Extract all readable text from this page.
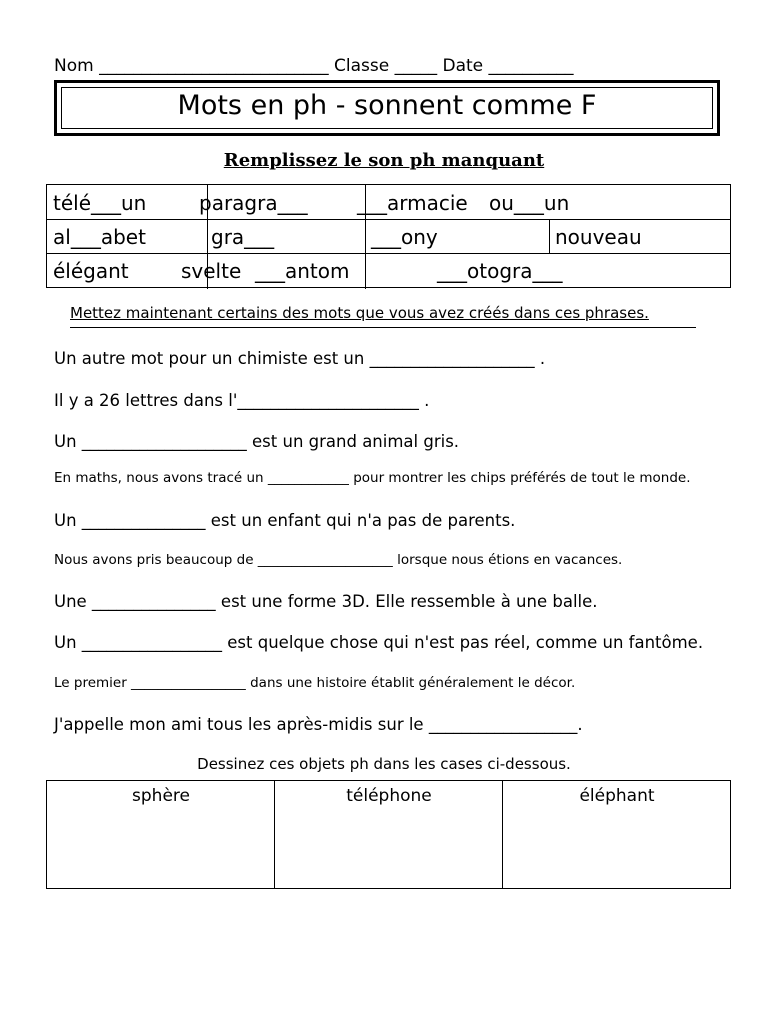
Nom ___________________________ Classe _____ Date __________
Mots en ph - sonnent comme F
Remplissez le son ph manquant
télé___un	paragra___ ___armacie ou___un
al___abet	gra___	___ony	nouveau
élégant	svelte ___antom	___otogra___
Mettez maintenant certains des mots que vous avez créés dans ces phrases.
Un autre mot pour un chimiste est un ____________________ .
Il y a 26 lettres dans l'______________________ .
Un ____________________ est un grand animal gris.
En maths, nous avons tracé un ____________ pour montrer les chips préférés de tout le monde.
Un _______________ est un enfant qui n'a pas de parents.
Nous avons pris beaucoup de ____________________ lorsque nous étions en vacances.
Une _______________ est une forme 3D. Elle ressemble à une balle.
Un _________________ est quelque chose qui n'est pas réel, comme un fantôme.
Le premier _________________ dans une histoire établit généralement le décor.
J'appelle mon ami tous les après-midis sur le __________________.
Dessinez ces objets ph dans les cases ci-dessous.
sphère	téléphone	éléphant
